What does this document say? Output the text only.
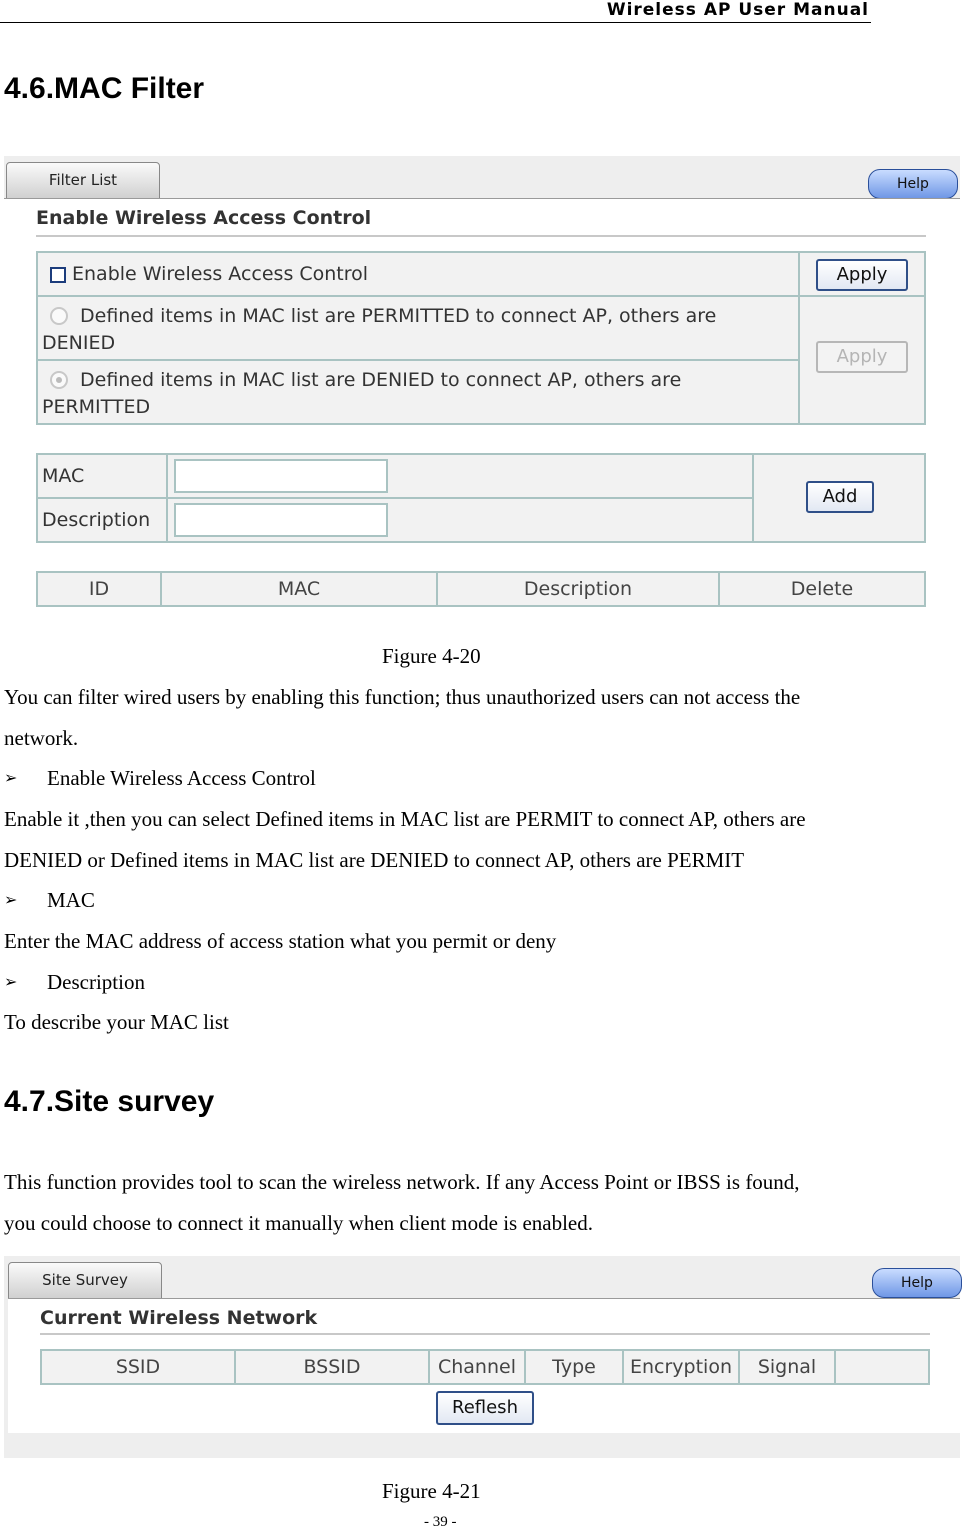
Wireless AP User Manual
4.6.MAC Filter
Filter List	Help
Enable Wireless Access Control
Enable Wireless Access Control	Apply
Defined items in MAC list are PERMITTED to connect AP, others are DENIED
Defined items in MAC list are DENIED to connect AP, others are PERMITTED
Apply
MAC
Description
Add
ID	MAC	Description	Delete
Figure 4-20
You can filter wired users by enabling this function; thus unauthorized users can not access the
network.
➢ Enable Wireless Access Control
Enable it ,then you can select Defined items in MAC list are PERMIT to connect AP, others are
DENIED or Defined items in MAC list are DENIED to connect AP, others are PERMIT
➢ MAC
Enter the MAC address of access station what you permit or deny
➢ Description
To describe your MAC list
4.7.Site survey
This function provides tool to scan the wireless network. If any Access Point or IBSS is found,
you could choose to connect it manually when client mode is enabled.
Site Survey	Help
Current Wireless Network
SSID	BSSID	Channel	Type	Encryption	Signal
Reflesh
Figure 4-21
- 39 -
